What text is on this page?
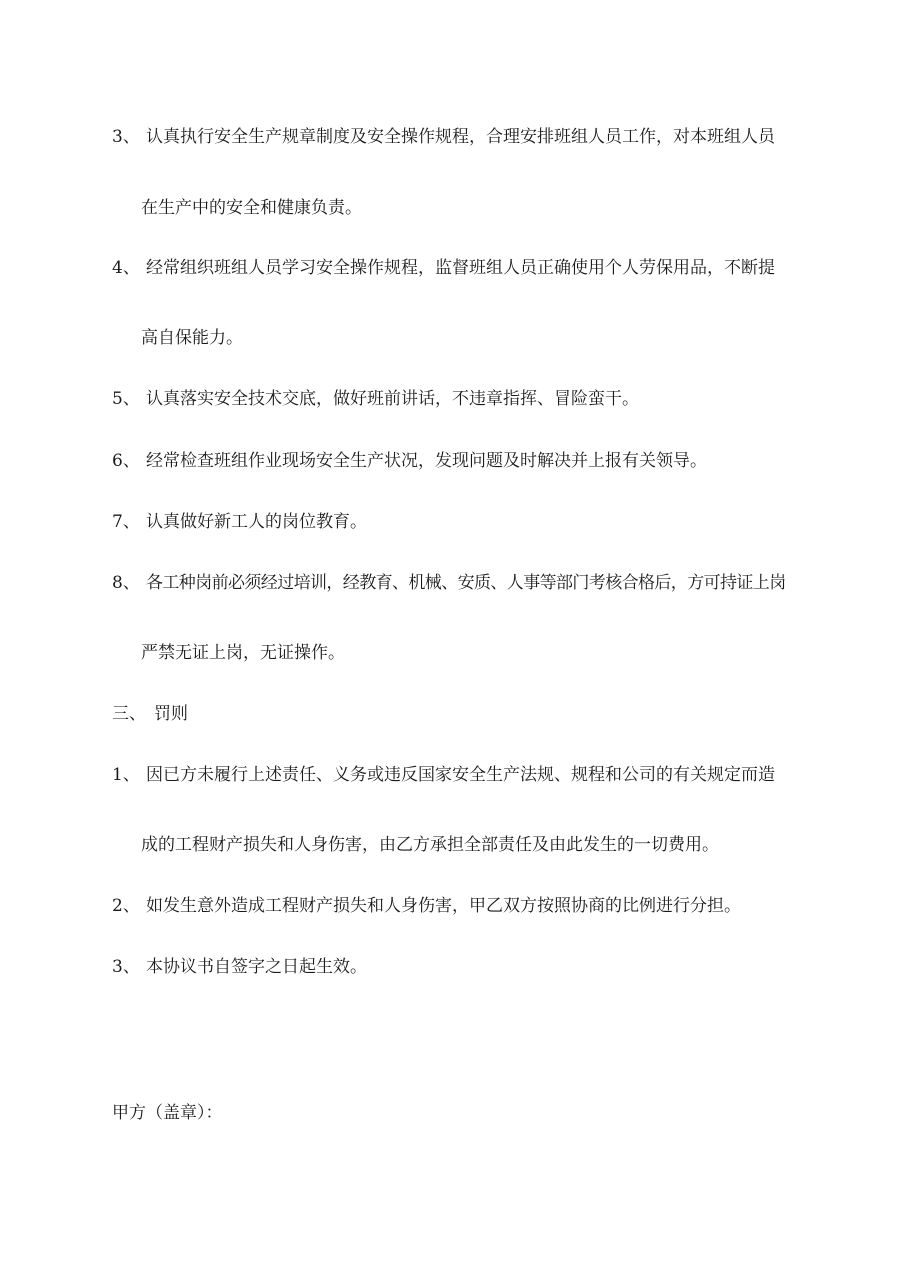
3、 认真执行安全生产规章制度及安全操作规程，合理安排班组人员工作，对本班组人员
在生产中的安全和健康负责。
4、 经常组织班组人员学习安全操作规程，监督班组人员正确使用个人劳保用品，不断提
高自保能力。
5、 认真落实安全技术交底，做好班前讲话，不违章指挥、冒险蛮干。
6、 经常检查班组作业现场安全生产状况，发现问题及时解决并上报有关领导。
7、 认真做好新工人的岗位教育。
8、 各工种岗前必须经过培训，经教育、机械、安质、人事等部门考核合格后，方可持证上岗
严禁无证上岗，无证操作。
三、 罚则
1、 因已方未履行上述责任、义务或违反国家安全生产法规、规程和公司的有关规定而造
成的工程财产损失和人身伤害，由乙方承担全部责任及由此发生的一切费用。
2、 如发生意外造成工程财产损失和人身伤害，甲乙双方按照协商的比例进行分担。
3、 本协议书自签字之日起生效。
甲方（盖章）：
